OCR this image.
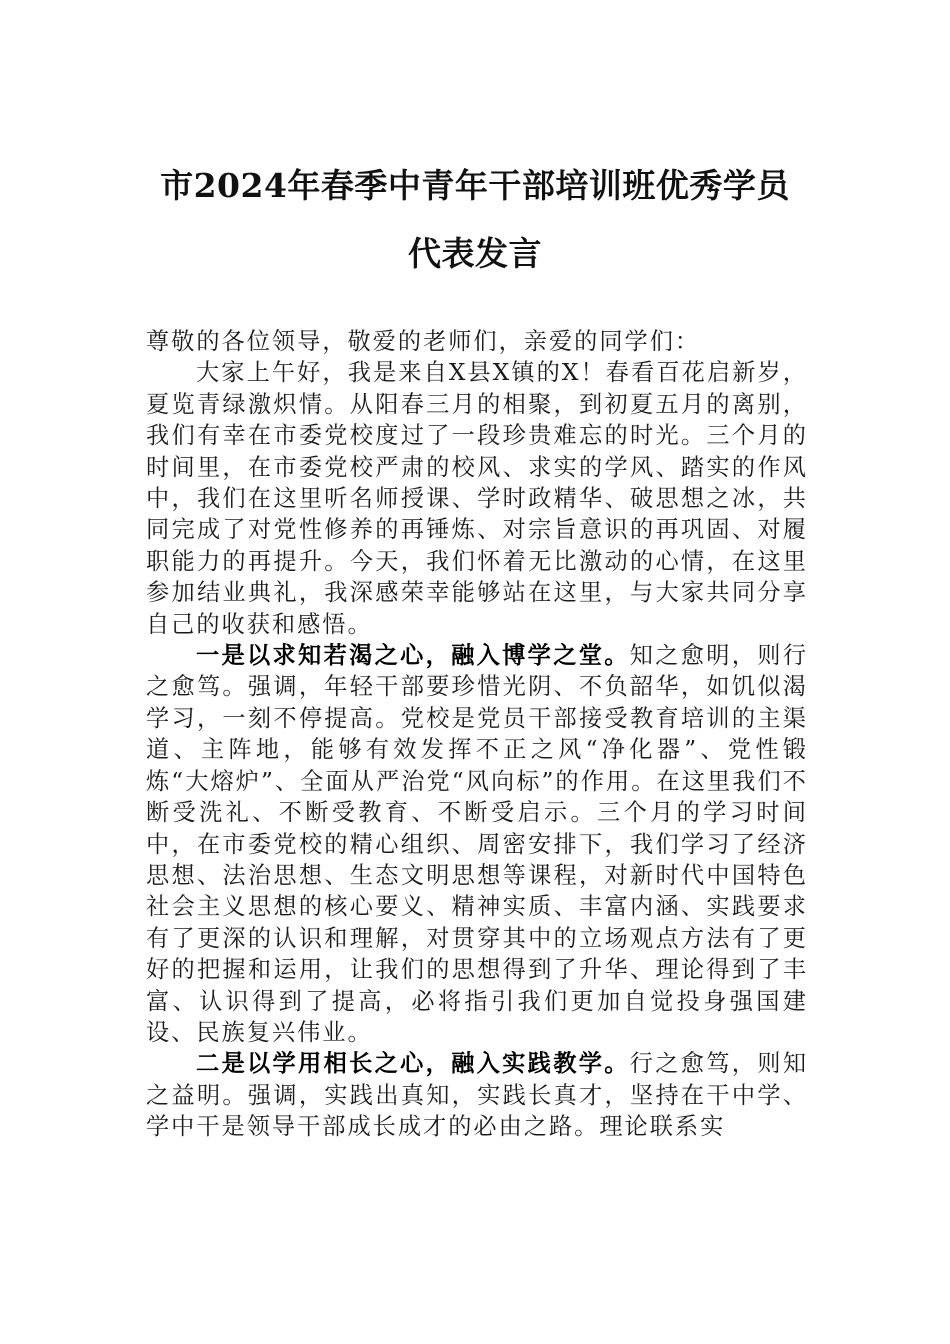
市2024年春季中青年干部培训班优秀学员
代表发言

尊敬的各位领导，敬爱的老师们，亲爱的同学们：

大家上午好，我是来自X县X镇的X！春看百花启新岁，夏览青绿激炽情。从阳春三月的相聚，到初夏五月的离别，我们有幸在市委党校度过了一段珍贵难忘的时光。三个月的时间里，在市委党校严肃的校风、求实的学风、踏实的作风中，我们在这里听名师授课、学时政精华、破思想之冰，共同完成了对党性修养的再锤炼、对宗旨意识的再巩固、对履职能力的再提升。今天，我们怀着无比激动的心情，在这里参加结业典礼，我深感荣幸能够站在这里，与大家共同分享自己的收获和感悟。

一是以求知若渴之心，融入博学之堂。知之愈明，则行之愈笃。强调，年轻干部要珍惜光阴、不负韶华，如饥似渴学习，一刻不停提高。党校是党员干部接受教育培训的主渠道、主阵地，能够有效发挥不正之风“净化器”、党性锻炼“大熔炉”、全面从严治党“风向标”的作用。在这里我们不断受洗礼、不断受教育、不断受启示。三个月的学习时间中，在市委党校的精心组织、周密安排下，我们学习了经济思想、法治思想、生态文明思想等课程，对新时代中国特色社会主义思想的核心要义、精神实质、丰富内涵、实践要求有了更深的认识和理解，对贯穿其中的立场观点方法有了更好的把握和运用，让我们的思想得到了升华、理论得到了丰富、认识得到了提高，必将指引我们更加自觉投身强国建设、民族复兴伟业。

二是以学用相长之心，融入实践教学。行之愈笃，则知之益明。强调，实践出真知，实践长真才，坚持在干中学、学中干是领导干部成长成才的必由之路。理论联系实
